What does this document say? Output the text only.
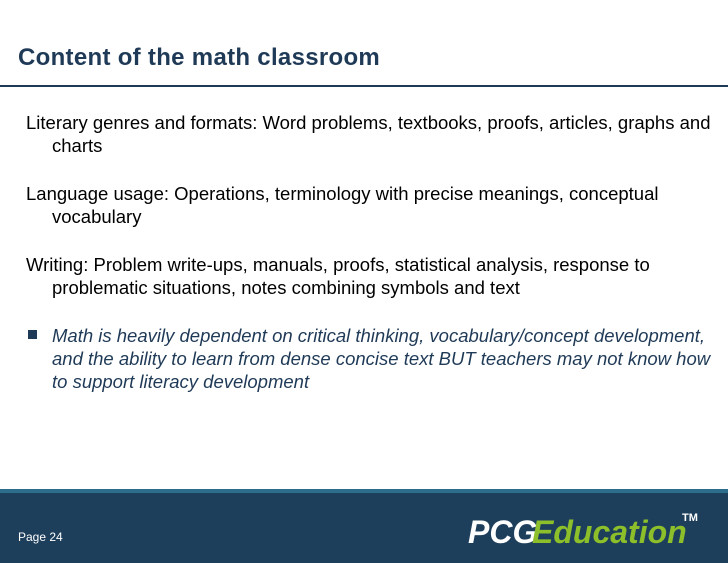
Content of the math classroom

Literary genres and formats: Word problems, textbooks, proofs, articles, graphs and charts

Language usage: Operations, terminology with precise meanings, conceptual vocabulary

Writing: Problem write-ups, manuals, proofs, statistical analysis, response to problematic situations, notes combining symbols and text

Math is heavily dependent on critical thinking, vocabulary/concept development, and the ability to learn from dense concise text BUT teachers may not know how to support literacy development
Page 24	PCG
Education
TM
